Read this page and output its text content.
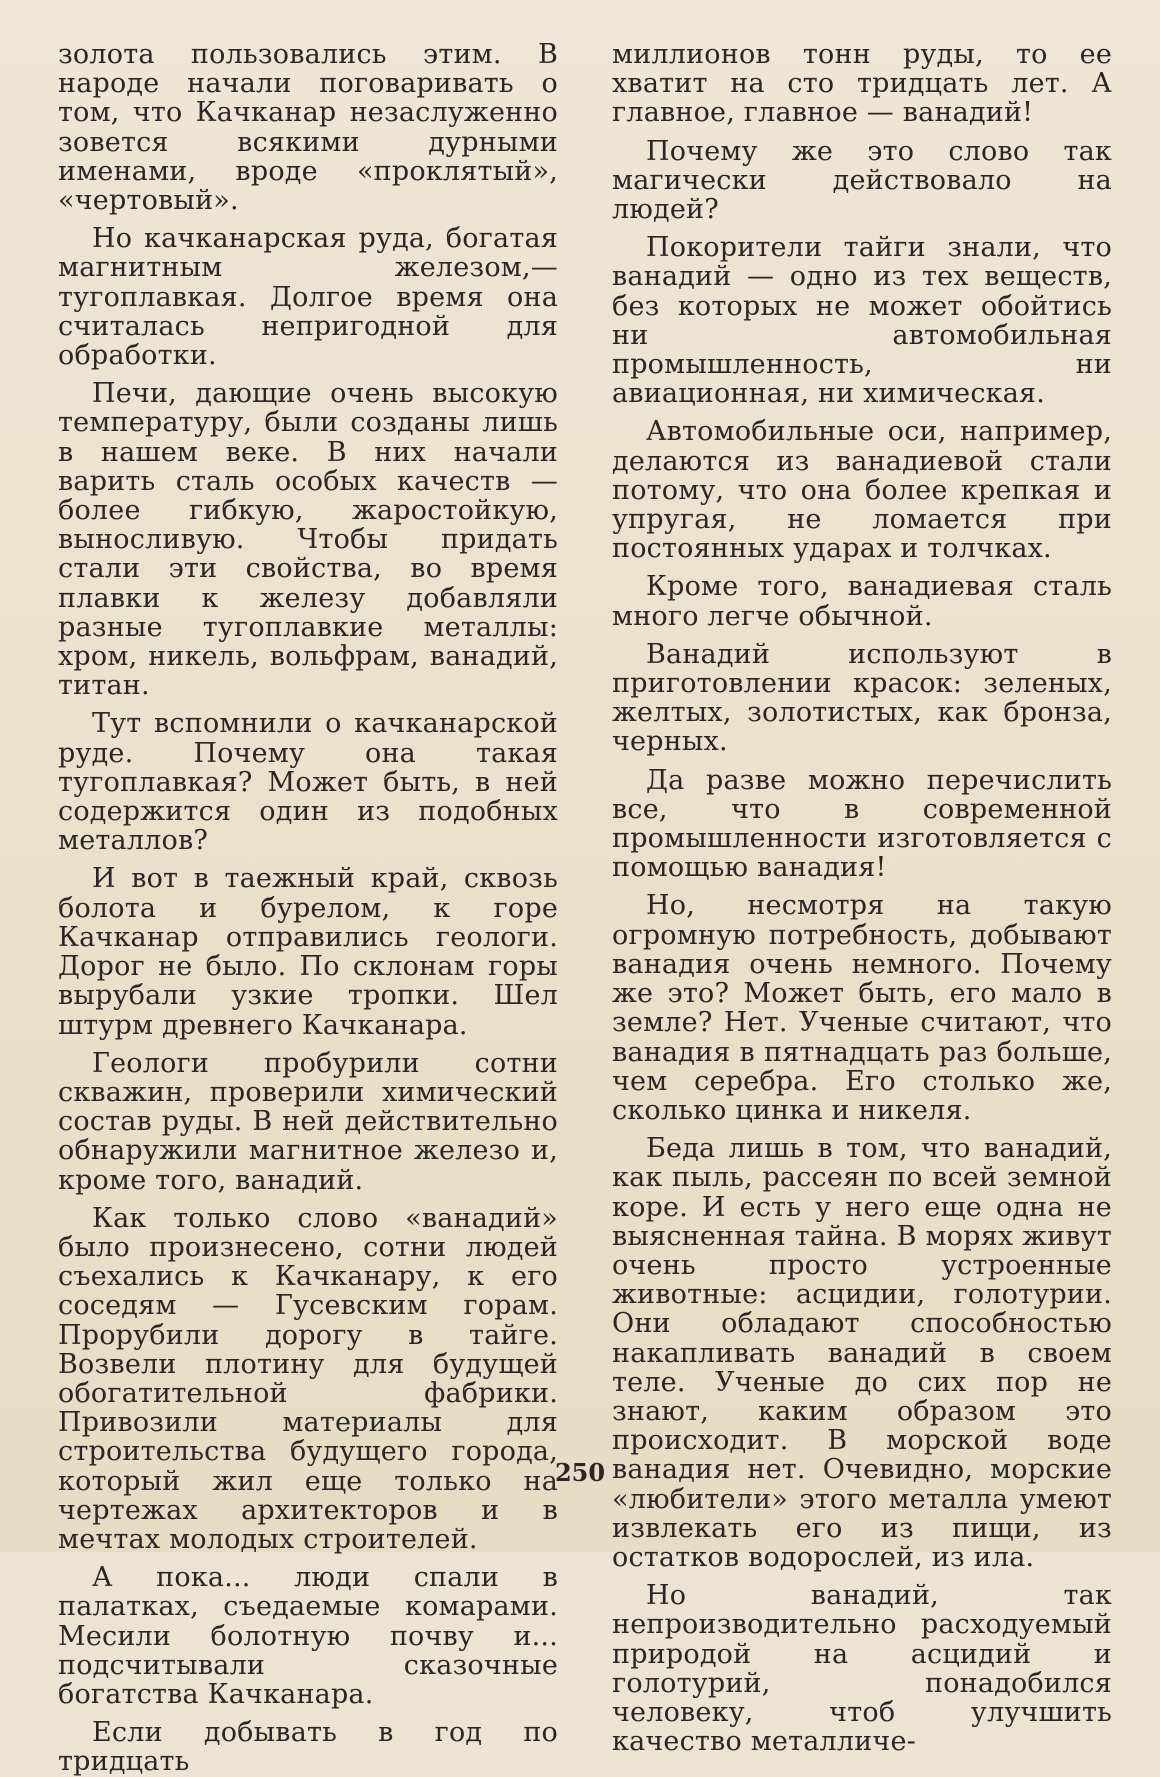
золота пользовались этим. В народе начали поговаривать о том, что Качканар незаслуженно зовется всякими дурными именами, вроде «проклятый», «чертовый».

Но качканарская руда, богатая магнитным железом,— тугоплавкая. Долгое время она считалась непригодной для обработки.

Печи, дающие очень высокую температуру, были созданы лишь в нашем веке. В них начали варить сталь особых качеств — более гибкую, жаростойкую, выносливую. Чтобы придать стали эти свойства, во время плавки к железу добавляли разные тугоплавкие металлы: хром, никель, вольфрам, ванадий, титан.

Тут вспомнили о качканарской руде. Почему она такая тугоплавкая? Может быть, в ней содержится один из подобных металлов?

И вот в таежный край, сквозь болота и бурелом, к горе Качканар отправились геологи. Дорог не было. По склонам горы вырубали узкие тропки. Шел штурм древнего Качканара.

Геологи пробурили сотни скважин, проверили химический состав руды. В ней действительно обнаружили магнитное железо и, кроме того, ванадий.

Как только слово «ванадий» было произнесено, сотни людей съехались к Качканару, к его соседям — Гусевским горам. Прорубили дорогу в тайге. Возвели плотину для будущей обогатительной фабрики. Привозили материалы для строительства будущего города, который жил еще только на чертежах архитекторов и в мечтах молодых строителей.

А пока... люди спали в палатках, съедаемые комарами. Месили болотную почву и... подсчитывали сказочные богатства Качканара.

Если добывать в год по тридцать

миллионов тонн руды, то ее хватит на сто тридцать лет. А главное, главное — ванадий!

Почему же это слово так магически действовало на людей?

Покорители тайги знали, что ванадий — одно из тех веществ, без которых не может обойтись ни автомобильная промышленность, ни авиационная, ни химическая.

Автомобильные оси, например, делаются из ванадиевой стали потому, что она более крепкая и упругая, не ломается при постоянных ударах и толчках.

Кроме того, ванадиевая сталь много легче обычной.

Ванадий используют в приготовлении красок: зеленых, желтых, золотистых, как бронза, черных.

Да разве можно перечислить все, что в современной промышленности изготовляется с помощью ванадия!

Но, несмотря на такую огромную потребность, добывают ванадия очень немного. Почему же это? Может быть, его мало в земле? Нет. Ученые считают, что ванадия в пятнадцать раз больше, чем серебра. Его столько же, сколько цинка и никеля.

Беда лишь в том, что ванадий, как пыль, рассеян по всей земной коре. И есть у него еще одна не выясненная тайна. В морях живут очень просто устроенные животные: асцидии, голотурии. Они обладают способностью накапливать ванадий в своем теле. Ученые до сих пор не знают, каким образом это происходит. В морской воде ванадия нет. Очевидно, морские «любители» этого металла умеют извлекать его из пищи, из остатков водорослей, из ила.

Но ванадий, так непроизводительно расходуемый природой на асцидий и голотурий, понадобился человеку, чтоб улучшить качество металличе-

250
